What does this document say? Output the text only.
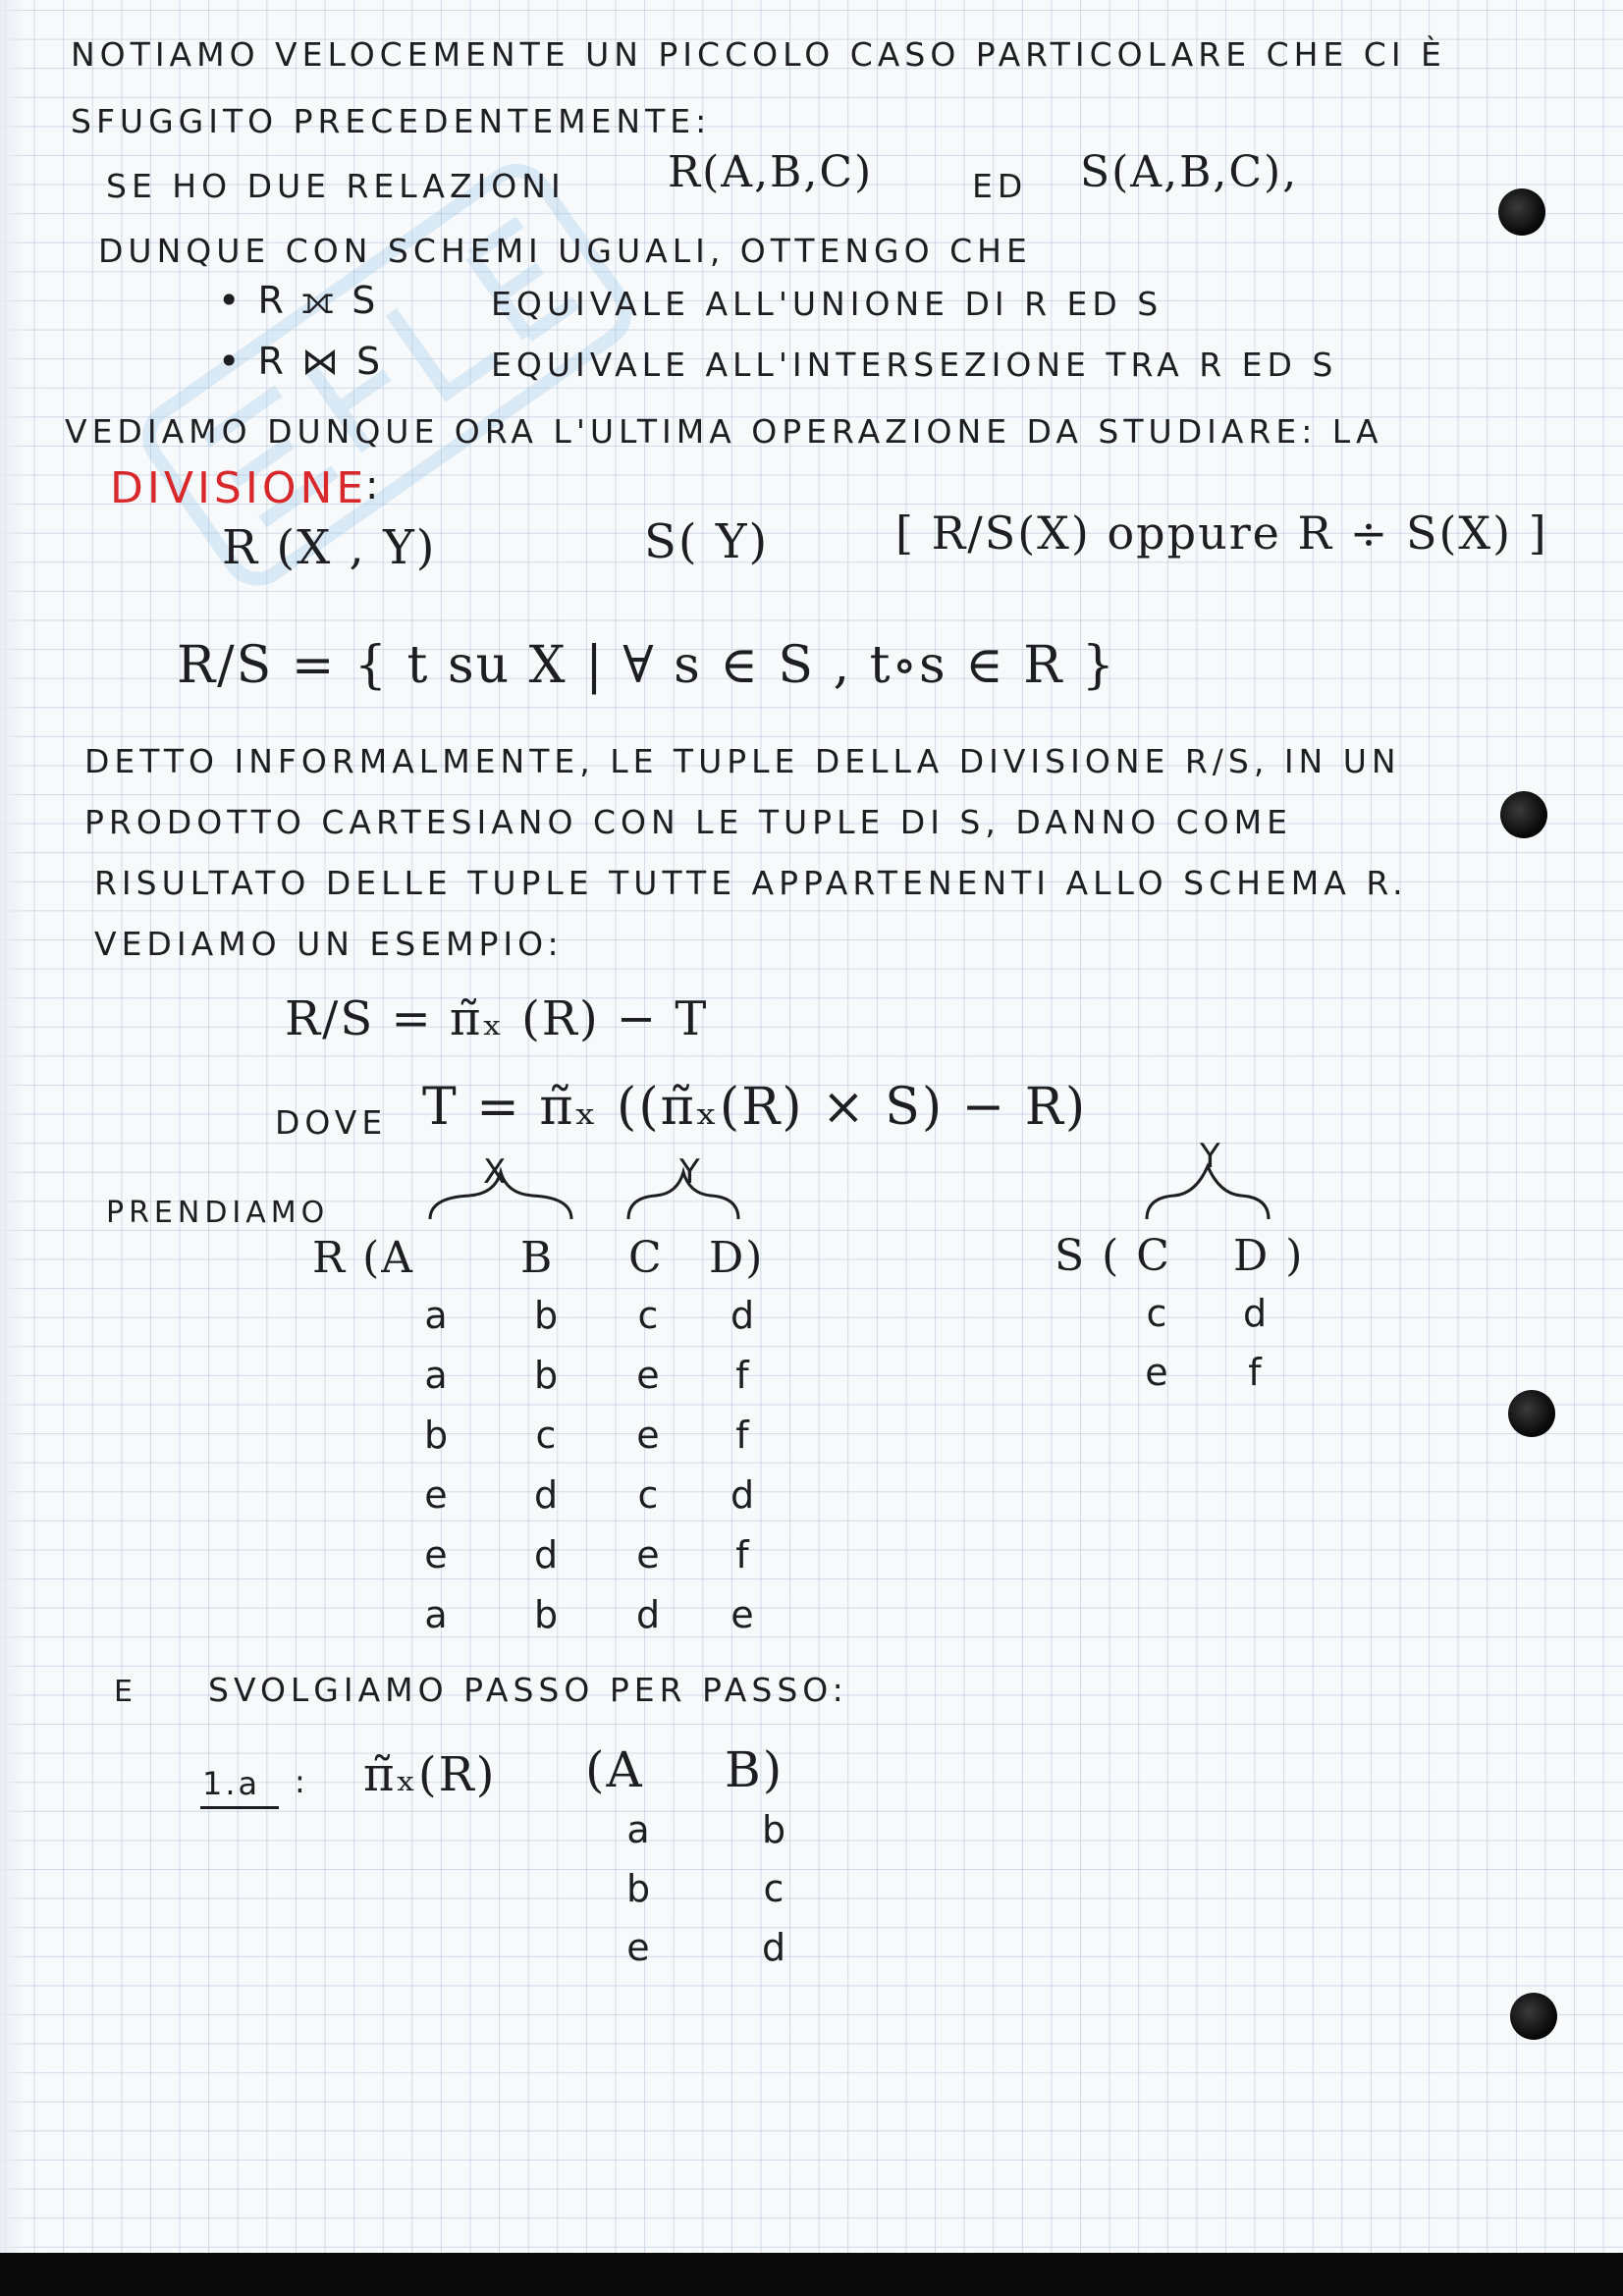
NOTIAMO VELOCEMENTE UN PICCOLO CASO PARTICOLARE CHE CI È
SFUGGITO PRECEDENTEMENTE:
SE HO DUE RELAZIONI R(A,B,C)	ED S(A,B,C),
DUNQUE CON SCHEMI UGUALI, OTTENGO CHE
• R ⟗ S	EQUIVALE ALL'UNIONE DI R ED S
• R ⋈ S	EQUIVALE ALL'INTERSEZIONE TRA R ED S
VEDIAMO DUNQUE ORA L'ULTIMA OPERAZIONE DA STUDIARE: LA
DIVISIONE
:
R (X , Y)	S( Y)	[ R/S(X) oppure R ÷ S(X) ]
R/S = { t su X | ∀ s ∈ S , t∘s ∈ R }
DETTO INFORMALMENTE, LE TUPLE DELLA DIVISIONE R/S, IN UN
PRODOTTO CARTESIANO CON LE TUPLE DI S, DANNO COME
RISULTATO DELLE TUPLE TUTTE APPARTENENTI ALLO SCHEMA R.
VEDIAMO UN ESEMPIO:
R/S = π̃ₓ (R) − T
DOVE T = π̃ₓ ((π̃ₓ(R) × S) − R)
PRENDIAMO
X	Y	Y
R (A B C D)
a	b	c	d
a	b	e	f
b	c	e	f
e	d	c	d
e	d	e	f
a	b	d	e
S ( C D )
c	d
e	f
E SVOLGIAMO PASSO PER PASSO:
1.a : π̃ₓ(R) (A B)
a	b
b	c
e	d
